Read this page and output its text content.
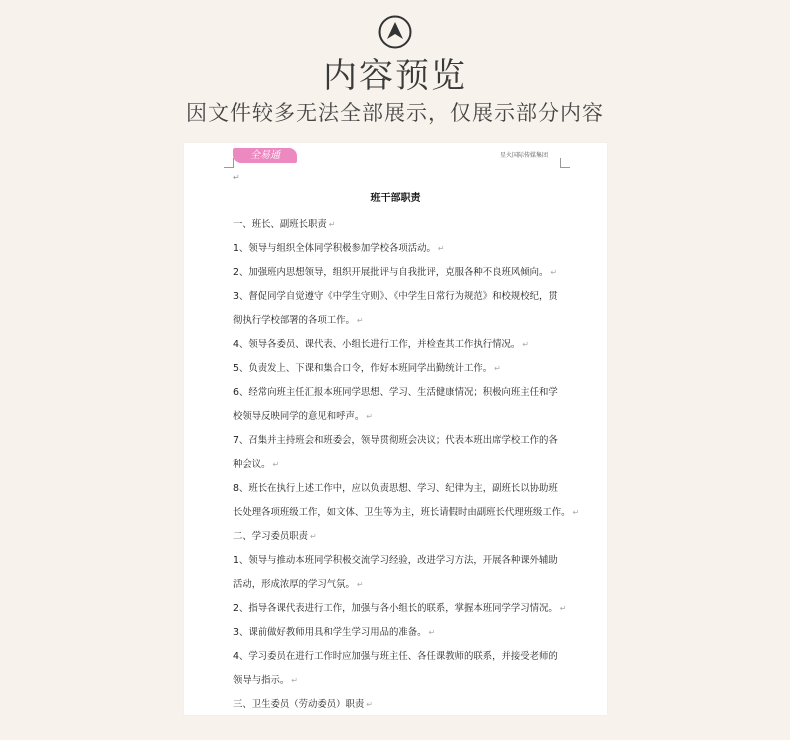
内容预览
因文件较多无法全部展示，仅展示部分内容
全易通	星火国际传媒集团
↵
班干部职责
一、班长、副班长职责 ↵
1、领导与组织全体同学积极参加学校各项活动。 ↵
2、加强班内思想领导，组织开展批评与自我批评，克服各种不良班风倾向。 ↵
3、督促同学自觉遵守《中学生守则》、《中学生日常行为规范》和校规校纪，贯
彻执行学校部署的各项工作。 ↵
4、领导各委员、课代表、小组长进行工作，并检查其工作执行情况。 ↵
5、负责发上、下课和集合口令，作好本班同学出勤统计工作。 ↵
6、经常向班主任汇报本班同学思想、学习、生活健康情况；积极向班主任和学
校领导反映同学的意见和呼声。 ↵
7、召集并主持班会和班委会，领导贯彻班会决议；代表本班出席学校工作的各
种会议。 ↵
8、班长在执行上述工作中，应以负责思想、学习、纪律为主，副班长以协助班
长处理各项班级工作，如文体、卫生等为主，班长请假时由副班长代理班级工作。 ↵
二、学习委员职责 ↵
1、领导与推动本班同学积极交流学习经验，改进学习方法，开展各种课外辅助
活动，形成浓厚的学习气氛。 ↵
2、指导各课代表进行工作，加强与各小组长的联系，掌握本班同学学习情况。 ↵
3、课前做好教师用具和学生学习用品的准备。 ↵
4、学习委员在进行工作时应加强与班主任、各任课教师的联系，并接受老师的
领导与指示。 ↵
三、卫生委员（劳动委员）职责 ↵
